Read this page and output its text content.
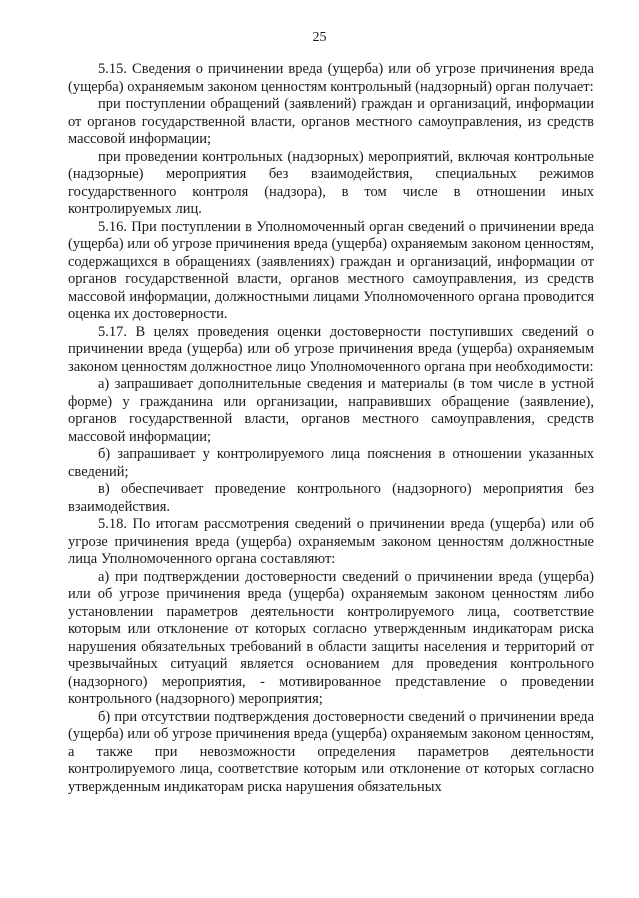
25

5.15. Сведения о причинении вреда (ущерба) или об угрозе причинения вреда (ущерба) охраняемым законом ценностям контрольный (надзорный) орган получает:

при поступлении обращений (заявлений) граждан и организаций, информации от органов государственной власти, органов местного самоуправления, из средств массовой информации;

при проведении контрольных (надзорных) мероприятий, включая контрольные (надзорные) мероприятия без взаимодействия, специальных режимов государственного контроля (надзора), в том числе в отношении иных контролируемых лиц.

5.16. При поступлении в Уполномоченный орган сведений о причинении вреда (ущерба) или об угрозе причинения вреда (ущерба) охраняемым законом ценностям, содержащихся в обращениях (заявлениях) граждан и организаций, информации от органов государственной власти, органов местного самоуправления, из средств массовой информации, должностными лицами Уполномоченного органа проводится оценка их достоверности.

5.17. В целях проведения оценки достоверности поступивших сведений о причинении вреда (ущерба) или об угрозе причинения вреда (ущерба) охраняемым законом ценностям должностное лицо Уполномоченного органа при необходимости:

а) запрашивает дополнительные сведения и материалы (в том числе в устной форме) у гражданина или организации, направивших обращение (заявление), органов государственной власти, органов местного самоуправления, средств массовой информации;

б) запрашивает у контролируемого лица пояснения в отношении указанных сведений;

в) обеспечивает проведение контрольного (надзорного) мероприятия без взаимодействия.

5.18. По итогам рассмотрения сведений о причинении вреда (ущерба) или об угрозе причинения вреда (ущерба) охраняемым законом ценностям должностные лица Уполномоченного органа составляют:

а) при подтверждении достоверности сведений о причинении вреда (ущерба) или об угрозе причинения вреда (ущерба) охраняемым законом ценностям либо установлении параметров деятельности контролируемого лица, соответствие которым или отклонение от которых согласно утвержденным индикаторам риска нарушения обязательных требований в области защиты населения и территорий от чрезвычайных ситуаций является основанием для проведения контрольного (надзорного) мероприятия, - мотивированное представление о проведении контрольного (надзорного) мероприятия;

б) при отсутствии подтверждения достоверности сведений о причинении вреда (ущерба) или об угрозе причинения вреда (ущерба) охраняемым законом ценностям, а также при невозможности определения параметров деятельности контролируемого лица, соответствие которым или отклонение от которых согласно утвержденным индикаторам риска нарушения обязательных
